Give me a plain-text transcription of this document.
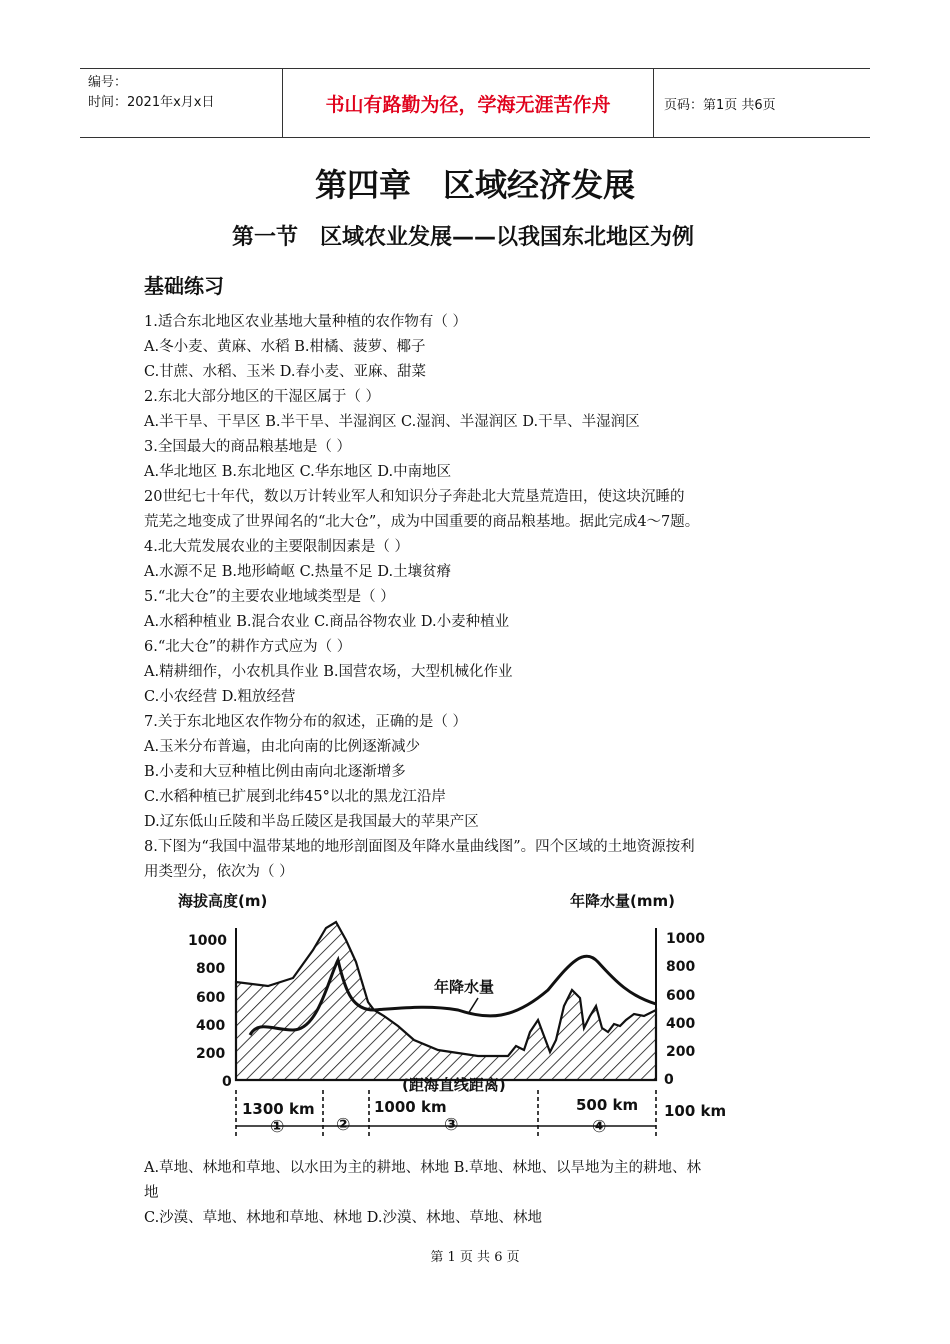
编号：
时间：2021年x月x日	书山有路勤为径，学海无涯苦作舟	页码：第1页 共6页
第四章 区域经济发展
第一节 区域农业发展——以我国东北地区为例
基础练习
1.适合东北地区农业基地大量种植的农作物有（ ）
A.冬小麦、黄麻、水稻 B.柑橘、菠萝、椰子
C.甘蔗、水稻、玉米 D.春小麦、亚麻、甜菜
2.东北大部分地区的干湿区属于（ ）
A.半干旱、干旱区 B.半干旱、半湿润区 C.湿润、半湿润区 D.干旱、半湿润区
3.全国最大的商品粮基地是（ ）
A.华北地区 B.东北地区 C.华东地区 D.中南地区
20世纪七十年代，数以万计转业军人和知识分子奔赴北大荒垦荒造田，使这块沉睡的
荒芜之地变成了世界闻名的“北大仓”，成为中国重要的商品粮基地。据此完成4～7题。
4.北大荒发展农业的主要限制因素是（ ）
A.水源不足 B.地形崎岖 C.热量不足 D.土壤贫瘠
5.“北大仓”的主要农业地域类型是（ ）
A.水稻种植业 B.混合农业 C.商品谷物农业 D.小麦种植业
6.“北大仓”的耕作方式应为（ ）
A.精耕细作，小农机具作业 B.国营农场，大型机械化作业
C.小农经营 D.粗放经营
7.关于东北地区农作物分布的叙述，正确的是（ ）
A.玉米分布普遍，由北向南的比例逐渐减少
B.小麦和大豆种植比例由南向北逐渐增多
C.水稻种植已扩展到北纬45°以北的黑龙江沿岸
D.辽东低山丘陵和半岛丘陵区是我国最大的苹果产区
8.下图为“我国中温带某地的地形剖面图及年降水量曲线图”。四个区域的土地资源按利
用类型分，依次为（ ）
海拔高度(m)	年降水量(mm)
1000
800
600
400
200
0
1000
800
600
400
200
0
年降水量
(距海直线距离)
1300 km	1000 km	500 km 100 km
①	②	③	④
A.草地、林地和草地、以水田为主的耕地、林地 B.草地、林地、以旱地为主的耕地、林
地
C.沙漠、草地、林地和草地、林地 D.沙漠、林地、草地、林地
第 1 页 共 6 页
